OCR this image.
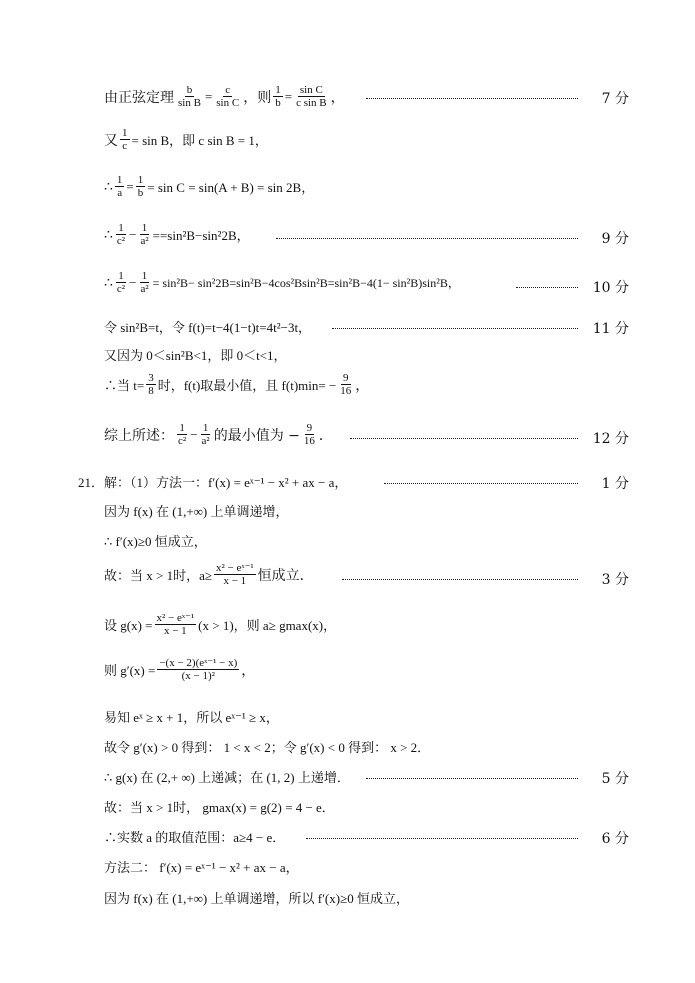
由正弦定理 $\frac{b}{\text{sin B}} = \frac{c}{\text{sin C}}$ ，则 $\frac{1}{b} = \frac{\text{sin C}}{\text{c sin B}}$ ，	7 分
又 $\frac{1}{c} = \sin B$，即 c sin B = 1，
∴ $\frac{1}{a} = \frac{1}{b} = \sin C = \sin(A + B) = \sin 2B$，
∴ $\frac{1}{\text{c²}} - \frac{1}{\text{a²}} ==\sin^2B-\sin^22B$，	9 分
∴ $\frac{1}{\text{c²}} - \frac{1}{\text{a²}} = \sin^2B- \sin^22B=\sin^2B-4\cos^2Bsin^2B=\sin^2B-4(1- \sin^2B)\sin^2B$，	10 分
令 sin²B=t，令 f(t)=t−4(1−t)t=4t²−3t，	11 分
又因为 0＜sin²B<1，即 0＜t<1，
∴当 $t= \frac{3}{8}$ 时，f(t)取最小值，且 $f(t)\min= - \frac{9}{16}$ ，
综上所述： $\frac{1}{\text{c²}} - \frac{1}{\text{a²}}$ 的最小值为 − $\frac{9}{16}$ ．	12 分
21．解：（1）方法一：f′(x) = eˣ⁻¹ − x² + ax − a，	1 分
因为 f(x) 在 (1,+∞) 上单调递增，
∴ f′(x)≥0 恒成立，
故：当 x > 1时，$a\ge \frac{\text{x² − eˣ⁻¹}}{x - 1}$ 恒成立．	3 分
设 $g(x) = \frac{\text{x² − eˣ⁻¹}}{x - 1} (x > 1)$，则 a≥ gmax(x)，
则 $g'(x) = \frac{\text{−(x − 2)(eˣ⁻¹ − x)}}{\text{(x − 1)²}}$ ，
易知 eˣ ≥ x + 1，所以 eˣ⁻¹ ≥ x，
故令 g′(x) > 0 得到： 1 < x < 2；令 g′(x) < 0 得到： x > 2．
∴ g(x) 在 (2,+ ∞) 上递减；在 (1, 2) 上递增．	5 分
故：当 x > 1时， gmax(x) = g(2) = 4 − e．
∴实数 a 的取值范围：a≥4 − e．	6 分
方法二： f′(x) = eˣ⁻¹ − x² + ax − a，
因为 f(x) 在 (1,+∞) 上单调递增，所以 f′(x)≥0 恒成立，
